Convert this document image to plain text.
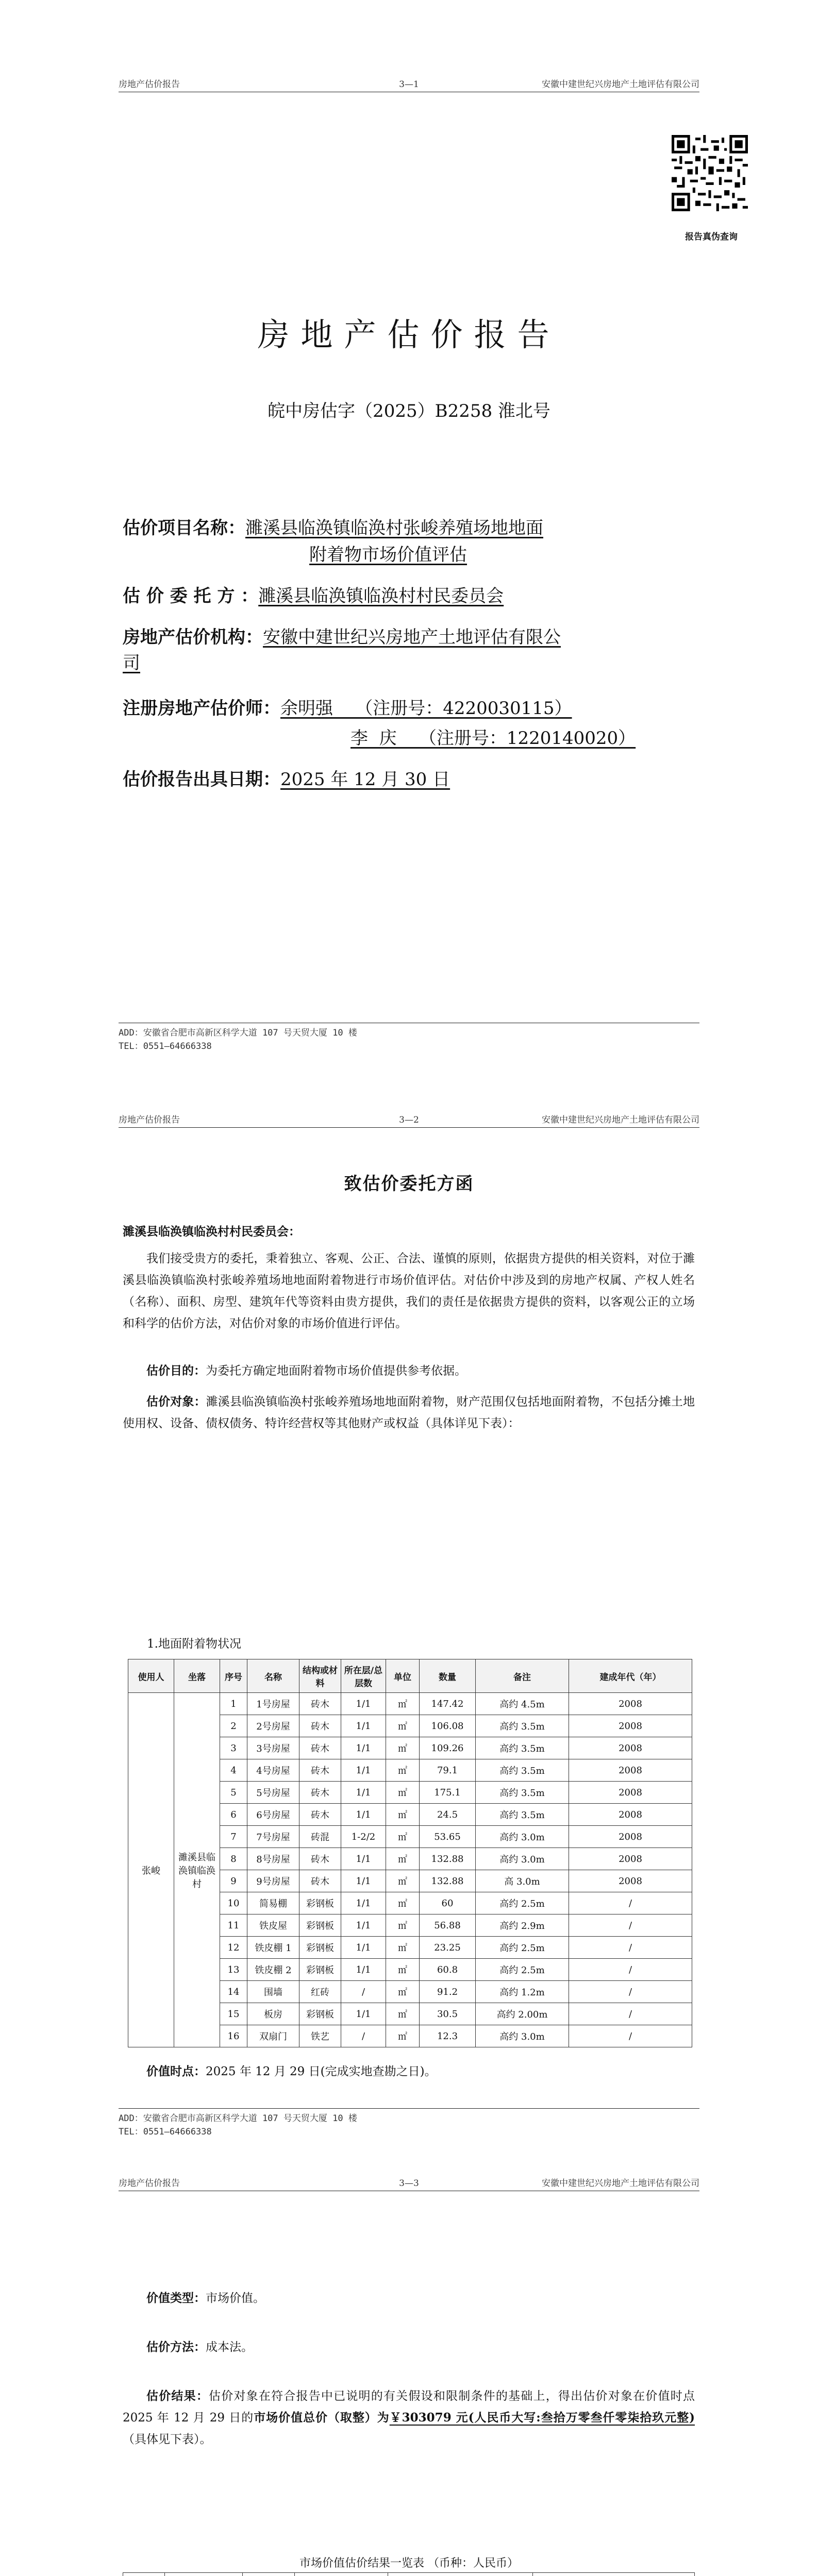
房地产估价报告	3—1	安徽中建世纪兴房地产土地评估有限公司
报告真伪查询
房地产估价报告
皖中房估字（2025）B2258 淮北号
估价项目名称：濉溪县临涣镇临涣村张峻养殖场地地面
附着物市场价值评估
估 价 委 托 方 ：濉溪县临涣镇临涣村村民委员会
房地产估价机构：安徽中建世纪兴房地产土地评估有限公
司
注册房地产估价师：余明强    （注册号：4220030115）
李  庆    （注册号：1220140020）
估价报告出具日期：2025 年 12 月 30 日
ADD：安徽省合肥市高新区科学大道 107 号天贸大厦 10 楼
TEL：0551—64666338
房地产估价报告	3—2	安徽中建世纪兴房地产土地评估有限公司
致估价委托方函
濉溪县临涣镇临涣村村民委员会：
我们接受贵方的委托，秉着独立、客观、公正、合法、谨慎的原则，依据贵方提供的相关资料，对位于濉溪县临涣镇临涣村张峻养殖场地地面附着物进行市场价值评估。对估价中涉及到的房地产权属、产权人姓名（名称）、面积、房型、建筑年代等资料由贵方提供，我们的责任是依据贵方提供的资料，以客观公正的立场和科学的估价方法，对估价对象的市场价值进行评估。
估价目的：为委托方确定地面附着物市场价值提供参考依据。
估价对象：濉溪县临涣镇临涣村张峻养殖场地地面附着物，财产范围仅包括地面附着物，不包括分摊土地使用权、设备、债权债务、特许经营权等其他财产或权益（具体详见下表）：
1.地面附着物状况
使用人	坐落	序号	名称	结构或材料	所在层/总层数	单位	数量	备注	建成年代（年）
张峻	濉溪县临涣镇临涣村	1	1号房屋	砖木	1/1	㎡	147.42	高约 4.5m	2008
		2	2号房屋	砖木	1/1	㎡	106.08	高约 3.5m	2008
		3	3号房屋	砖木	1/1	㎡	109.26	高约 3.5m	2008
		4	4号房屋	砖木	1/1	㎡	79.1	高约 3.5m	2008
		5	5号房屋	砖木	1/1	㎡	175.1	高约 3.5m	2008
		6	6号房屋	砖木	1/1	㎡	24.5	高约 3.5m	2008
		7	7号房屋	砖混	1-2/2	㎡	53.65	高约 3.0m	2008
		8	8号房屋	砖木	1/1	㎡	132.88	高约 3.0m	2008
		9	9号房屋	砖木	1/1	㎡	132.88	高 3.0m	2008
		10	简易棚	彩钢板	1/1	㎡	60	高约 2.5m	/
		11	铁皮屋	彩钢板	1/1	㎡	56.88	高约 2.9m	/
		12	铁皮棚 1	彩钢板	1/1	㎡	23.25	高约 2.5m	/
		13	铁皮棚 2	彩钢板	1/1	㎡	60.8	高约 2.5m	/
		14	围墙	红砖	/	㎡	91.2	高约 1.2m	/
		15	板房	彩钢板	1/1	㎡	30.5	高约 2.00m	/
		16	双扇门	铁艺	/	㎡	12.3	高约 3.0m	/
价值时点：2025 年 12 月 29 日(完成实地查勘之日)。
ADD：安徽省合肥市高新区科学大道 107 号天贸大厦 10 楼
TEL：0551—64666338
房地产估价报告	3—3	安徽中建世纪兴房地产土地评估有限公司
价值类型：市场价值。
估价方法：成本法。
估价结果：估价对象在符合报告中已说明的有关假设和限制条件的基础上，得出估价对象在价值时点 2025 年 12 月 29 日的市场价值总价（取整）为￥303079 元(人民币大写:叁拾万零叁仟零柒拾玖元整)（具体见下表）。
市场价值估价结果一览表 （币种：人民币）
